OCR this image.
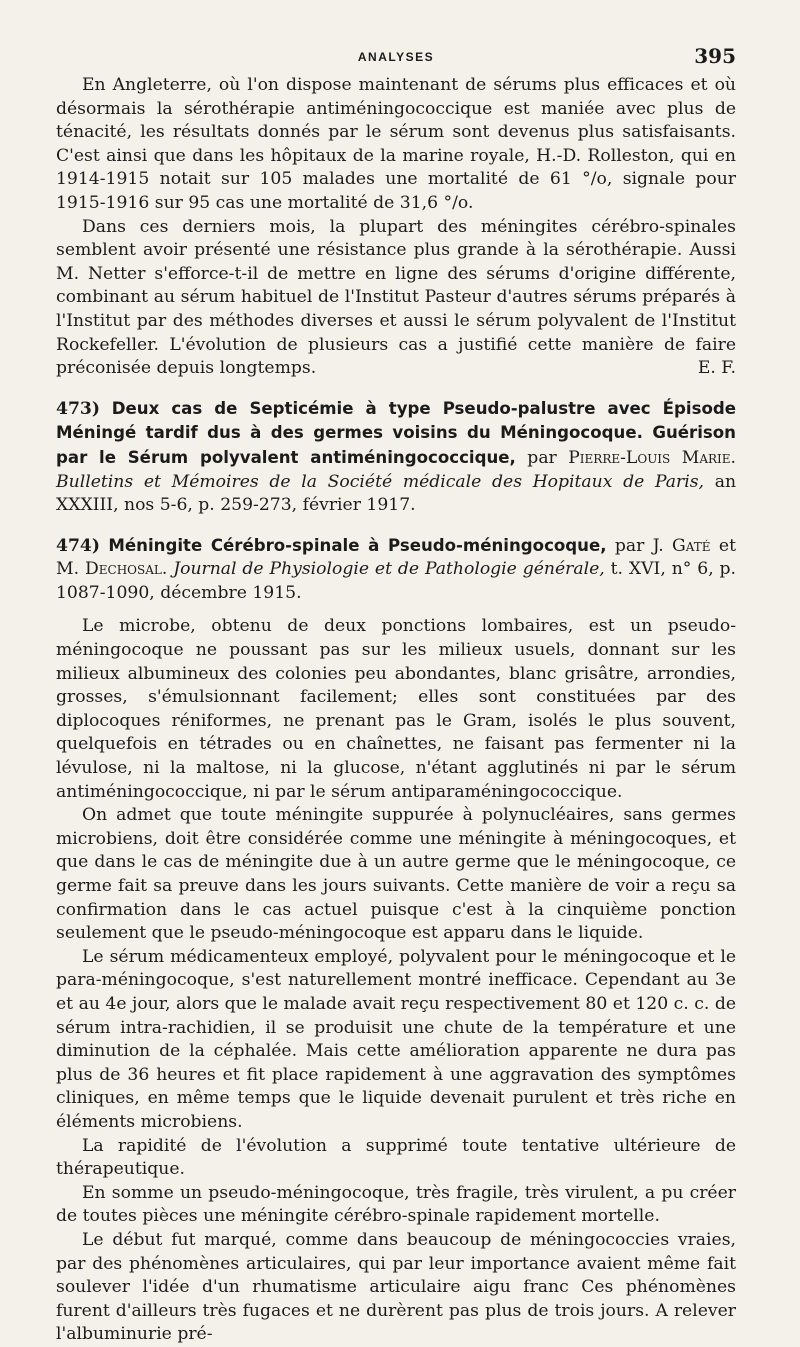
ANALYSES	395

En Angleterre, où l'on dispose maintenant de sérums plus efficaces et où désormais la sérothérapie antiméningococcique est maniée avec plus de ténacité, les résultats donnés par le sérum sont devenus plus satisfaisants. C'est ainsi que dans les hôpitaux de la marine royale, H.-D. Rolleston, qui en 1914-1915 notait sur 105 malades une mortalité de 61 °/o, signale pour 1915-1916 sur 95 cas une mortalité de 31,6 °/o.

Dans ces derniers mois, la plupart des méningites cérébro-spinales semblent avoir présenté une résistance plus grande à la sérothérapie. Aussi M. Netter s'efforce-t-il de mettre en ligne des sérums d'origine différente, combinant au sérum habituel de l'Institut Pasteur d'autres sérums préparés à l'Institut par des méthodes diverses et aussi le sérum polyvalent de l'Institut Rockefeller. L'évolution de plusieurs cas a justifié cette manière de faire préconisée depuis longtemps.	E. F.

473) Deux cas de Septicémie à type Pseudo-palustre avec Épisode Méningé tardif dus à des germes voisins du Méningocoque. Guérison par le Sérum polyvalent antiméningococcique, par Pierre-Louis Marie. Bulletins et Mémoires de la Société médicale des Hopitaux de Paris, an XXXIII, nos 5-6, p. 259-273, février 1917.
474) Méningite Cérébro-spinale à Pseudo-méningocoque, par J. Gaté et M. Dechosal. Journal de Physiologie et de Pathologie générale, t. XVI, n° 6, p. 1087-1090, décembre 1915.

Le microbe, obtenu de deux ponctions lombaires, est un pseudo-méningocoque ne poussant pas sur les milieux usuels, donnant sur les milieux albumineux des colonies peu abondantes, blanc grisâtre, arrondies, grosses, s'émulsionnant facilement; elles sont constituées par des diplocoques réniformes, ne prenant pas le Gram, isolés le plus souvent, quelquefois en tétrades ou en chaînettes, ne faisant pas fermenter ni la lévulose, ni la maltose, ni la glucose, n'étant agglutinés ni par le sérum antiméningococcique, ni par le sérum antiparaméningococcique.

On admet que toute méningite suppurée à polynucléaires, sans germes microbiens, doit être considérée comme une méningite à méningocoques, et que dans le cas de méningite due à un autre germe que le méningocoque, ce germe fait sa preuve dans les jours suivants. Cette manière de voir a reçu sa confirmation dans le cas actuel puisque c'est à la cinquième ponction seulement que le pseudo-méningocoque est apparu dans le liquide.

Le sérum médicamenteux employé, polyvalent pour le méningocoque et le para-méningocoque, s'est naturellement montré inefficace. Cependant au 3e et au 4e jour, alors que le malade avait reçu respectivement 80 et 120 c. c. de sérum intra-rachidien, il se produisit une chute de la température et une diminution de la céphalée. Mais cette amélioration apparente ne dura pas plus de 36 heures et fit place rapidement à une aggravation des symptômes cliniques, en même temps que le liquide devenait purulent et très riche en éléments microbiens.

La rapidité de l'évolution a supprimé toute tentative ultérieure de thérapeutique.

En somme un pseudo-méningocoque, très fragile, très virulent, a pu créer de toutes pièces une méningite cérébro-spinale rapidement mortelle.

Le début fut marqué, comme dans beaucoup de méningococcies vraies, par des phénomènes articulaires, qui par leur importance avaient même fait soulever l'idée d'un rhumatisme articulaire aigu franc Ces phénomènes furent d'ailleurs très fugaces et ne durèrent pas plus de trois jours. A relever l'albuminurie pré-
